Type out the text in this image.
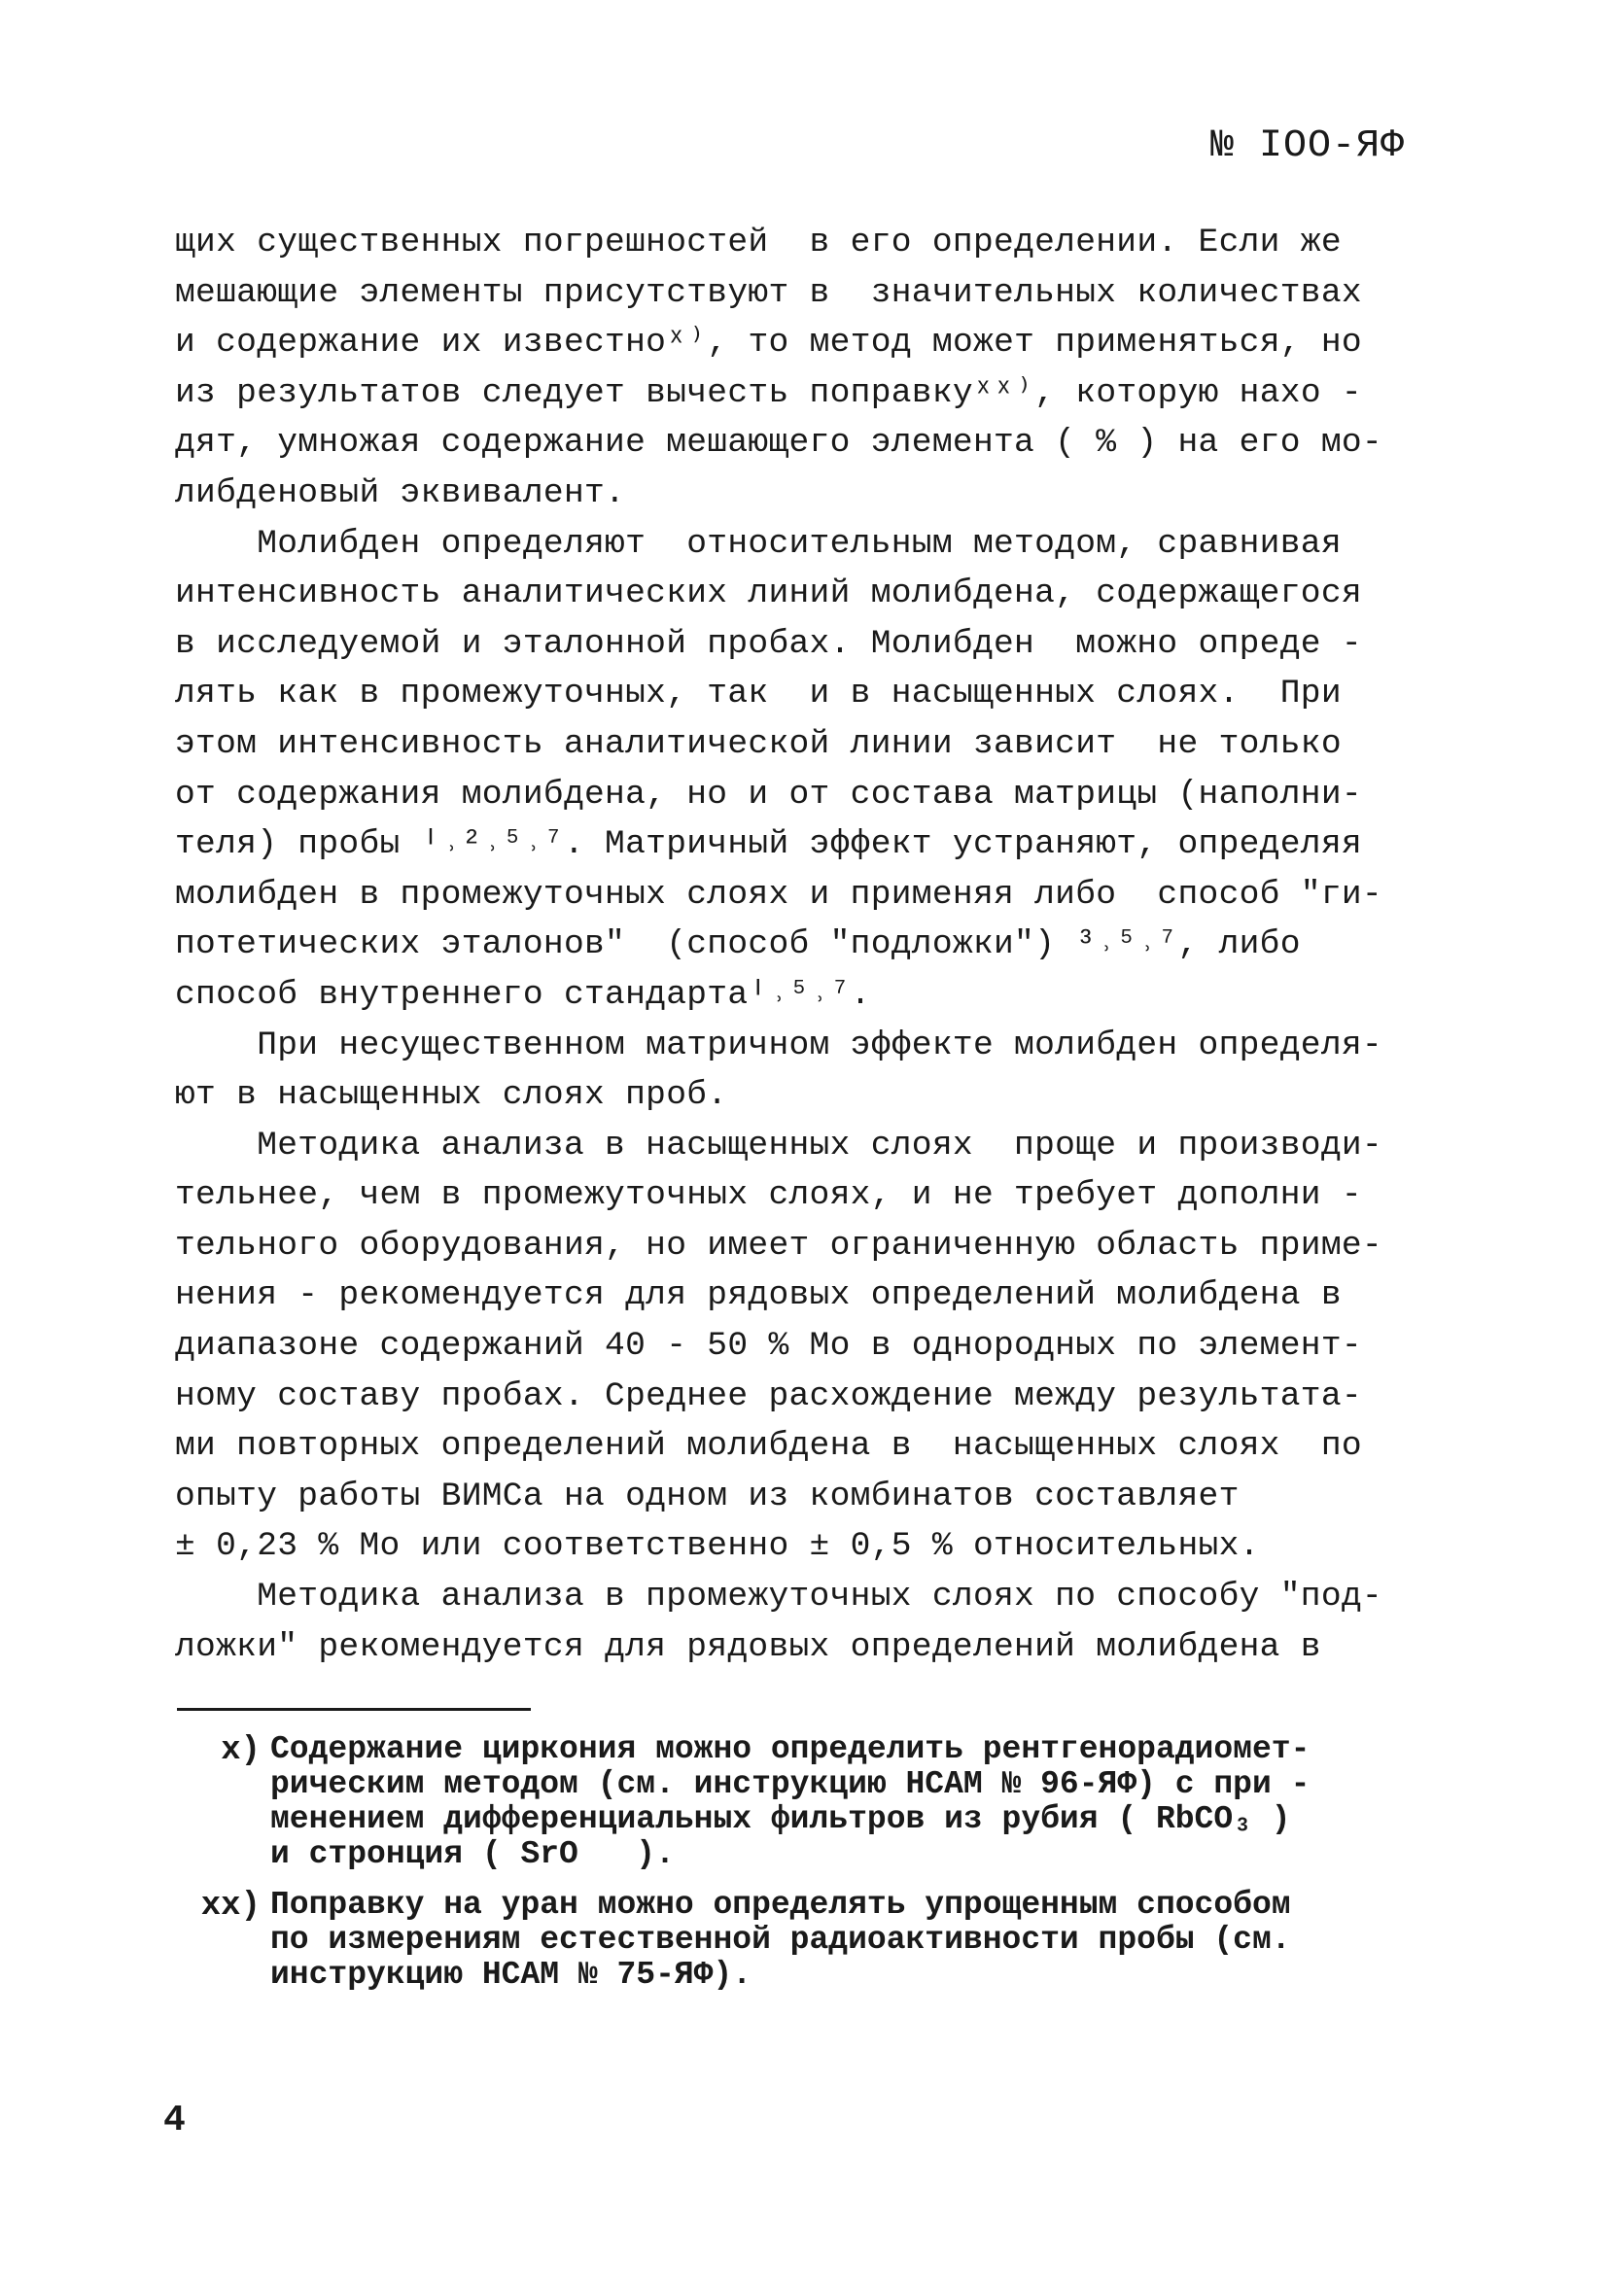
№ IOO-ЯФ
щих существенных погрешностей  в его определении. Если же
мешающие элементы присутствуют в  значительных количествах
и содержание их известноˣ⁾, то метод может применяться, но
из результатов следует вычесть поправкуˣˣ⁾, которую нахо -
дят, умножая содержание мешающего элемента ( % ) на его мо-
либденовый эквивалент.
Молибден определяют  относительным методом, сравнивая
интенсивность аналитических линий молибдена, содержащегося
в исследуемой и эталонной пробах. Молибден  можно опреде -
лять как в промежуточных, так  и в насыщенных слоях.  При
этом интенсивность аналитической линии зависит  не только
от содержания молибдена, но и от состава матрицы (наполни-
теля) пробы ᴵ˒²˒⁵˒⁷. Матричный эффект устраняют, определяя
молибден в промежуточных слоях и применяя либо  способ "ги-
потетических эталонов"  (способ "подложки") ³˒⁵˒⁷, либо
способ внутреннего стандартаᴵ˒⁵˒⁷.
При несущественном матричном эффекте молибден определя-
ют в насыщенных слоях проб.
Методика анализа в насыщенных слоях  проще и производи-
тельнее, чем в промежуточных слоях, и не требует дополни -
тельного оборудования, но имеет ограниченную область приме-
нения - рекомендуется для рядовых определений молибдена в
диапазоне содержаний 40 - 50 % Мо в однородных по элемент-
ному составу пробах. Среднее расхождение между результата-
ми повторных определений молибдена в  насыщенных слоях  по
опыту работы ВИМСа на одном из комбинатов составляет
± 0,23 % Мо или соответственно ± 0,5 % относительных.
Методика анализа в промежуточных слоях по способу "под-
ложки" рекомендуется для рядовых определений молибдена в
х) Содержание циркония можно определить рентгенорадиомет-
рическим методом (см. инструкцию НСАМ № 96-ЯФ) с при -
менением дифференциальных фильтров из рубия ( RbCO₃ )
и стронция ( SrO   ).
хх) Поправку на уран можно определять упрощенным способом
по измерениям естественной радиоактивности пробы (см.
инструкцию НСАМ № 75-ЯФ).
4
